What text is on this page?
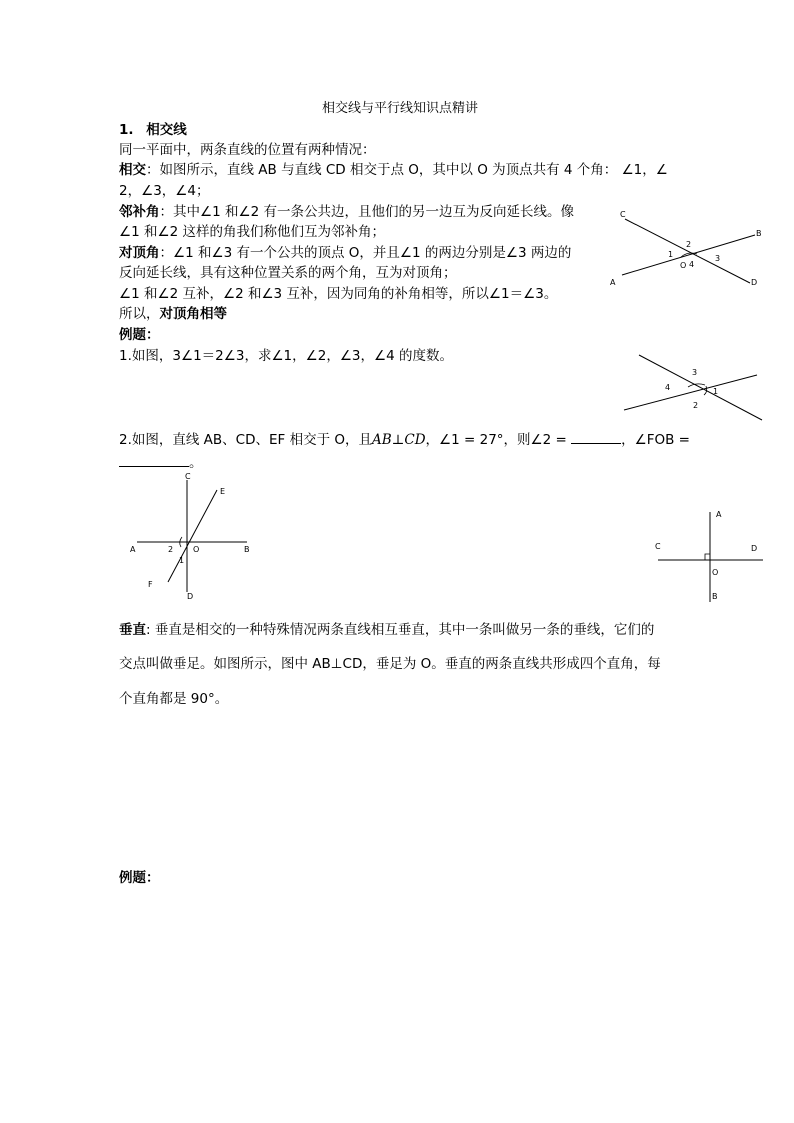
相交线与平行线知识点精讲
1. 相交线
同一平面中，两条直线的位置有两种情况：
相交：如图所示，直线 AB 与直线 CD 相交于点 O，其中以 O 为顶点共有 4 个角： ∠1，∠
2，∠3，∠4；
邻补角：其中∠1 和∠2 有一条公共边，且他们的另一边互为反向延长线。像
∠1 和∠2 这样的角我们称他们互为邻补角；
对顶角：∠1 和∠3 有一个公共的顶点 O，并且∠1 的两边分别是∠3 两边的
反向延长线，具有这种位置关系的两个角，互为对顶角；
∠1 和∠2 互补，∠2 和∠3 互补，因为同角的补角相等，所以∠1＝∠3。
所以，对顶角相等
例题：
1.如图，3∠1＝2∠3，求∠1，∠2，∠3，∠4 的度数。
2.如图，直线 AB、CD、EF 相交于 O，且AB⊥CD，∠1 = 27°，则∠2 =	，∠FOB =
。
垂直: 垂直是相交的一种特殊情况两条直线相互垂直，其中一条叫做另一条的垂线，它们的
交点叫做垂足。如图所示，图中 AB⊥CD，垂足为 O。垂直的两条直线共形成四个直角，每
个直角都是 90°。
例题：
C
B
A	D
1
2
3
4
O
3
4	1
2
C
E
A	2 O	B
1
F
D
A
C	D
O
B
